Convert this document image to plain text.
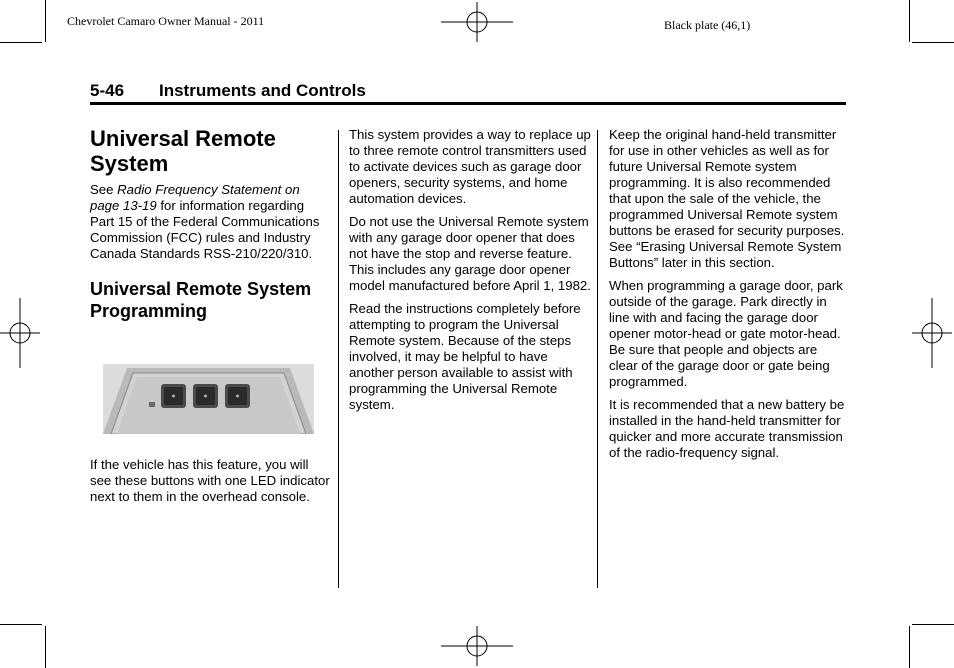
Chevrolet Camaro Owner Manual - 2011	Black plate (46,1)
5-46 Instruments and Controls
Universal Remote System

See Radio Frequency Statement on page 13-19 for information regarding Part 15 of the Federal Communications Commission (FCC) rules and Industry Canada Standards RSS-210/220/310.

Universal Remote System Programming

If the vehicle has this feature, you will see these buttons with one LED indicator next to them in the overhead console.

This system provides a way to replace up to three remote control transmitters used to activate devices such as garage door openers, security systems, and home automation devices.

Do not use the Universal Remote system with any garage door opener that does not have the stop and reverse feature. This includes any garage door opener model manufactured before April 1, 1982.

Read the instructions completely before attempting to program the Universal Remote system. Because of the steps involved, it may be helpful to have another person available to assist with programming the Universal Remote system.

Keep the original hand-held transmitter for use in other vehicles as well as for future Universal Remote system programming. It is also recommended that upon the sale of the vehicle, the programmed Universal Remote system buttons be erased for security purposes. See “Erasing Universal Remote System Buttons” later in this section.

When programming a garage door, park outside of the garage. Park directly in line with and facing the garage door opener motor-head or gate motor-head. Be sure that people and objects are clear of the garage door or gate being programmed.

It is recommended that a new battery be installed in the hand-held transmitter for quicker and more accurate transmission of the radio-frequency signal.
